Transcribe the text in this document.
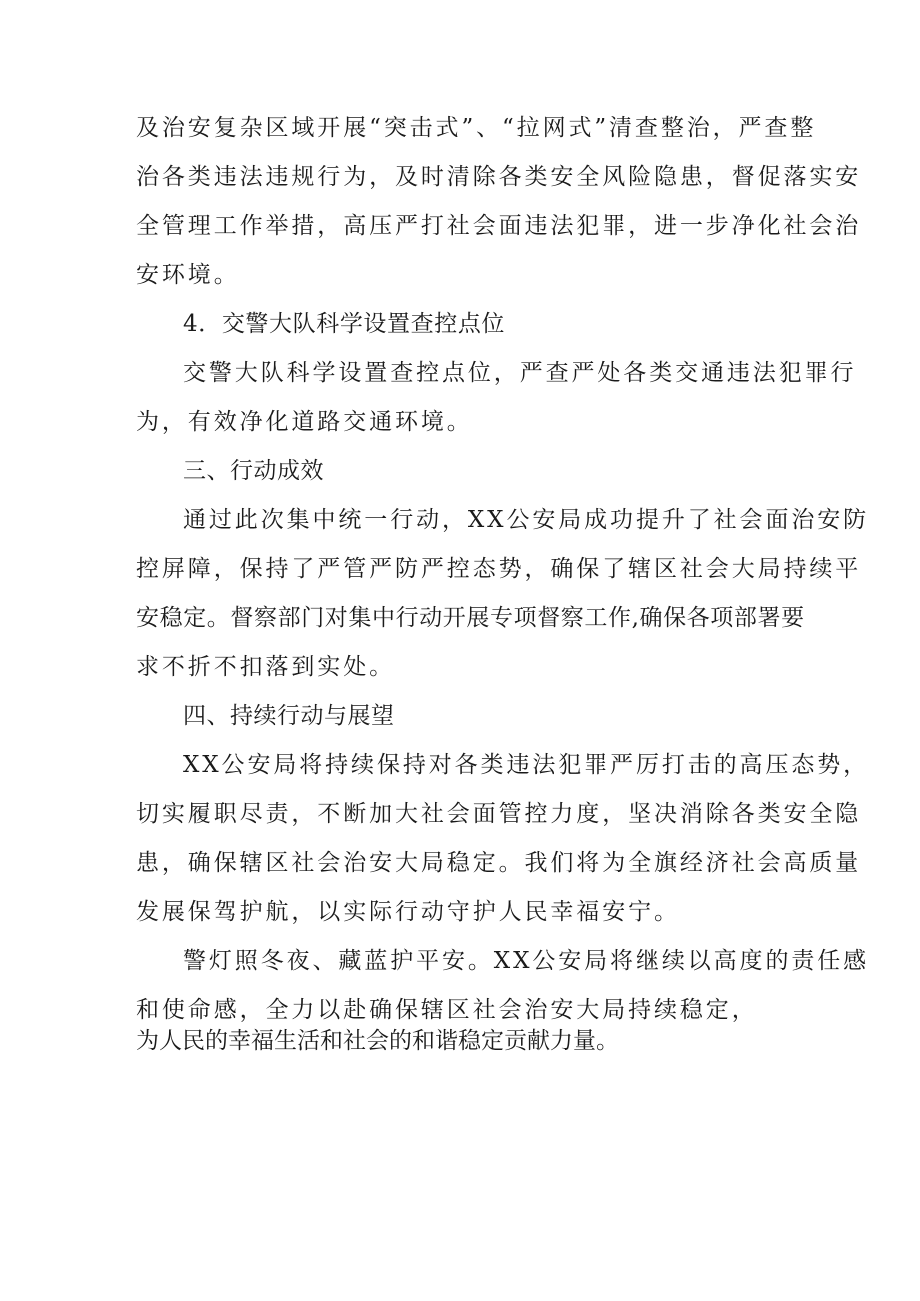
及治安复杂区域开展“突击式”、“拉网式”清查整治，严查整
治各类违法违规行为，及时清除各类安全风险隐患，督促落实安
全管理工作举措，高压严打社会面违法犯罪，进一步净化社会治
安环境。
4．交警大队科学设置查控点位
交警大队科学设置查控点位，严查严处各类交通违法犯罪行
为，有效净化道路交通环境。
三、行动成效
通过此次集中统一行动，XX公安局成功提升了社会面治安防
控屏障，保持了严管严防严控态势，确保了辖区社会大局持续平
安稳定。督察部门对集中行动开展专项督察工作,确保各项部署要
求不折不扣落到实处。
四、持续行动与展望
XX公安局将持续保持对各类违法犯罪严厉打击的高压态势，
切实履职尽责，不断加大社会面管控力度，坚决消除各类安全隐
患，确保辖区社会治安大局稳定。我们将为全旗经济社会高质量
发展保驾护航，以实际行动守护人民幸福安宁。
警灯照冬夜、藏蓝护平安。XX公安局将继续以高度的责任感
和使命感，全力以赴确保辖区社会治安大局持续稳定，
为人民的幸福生活和社会的和谐稳定贡献力量。
